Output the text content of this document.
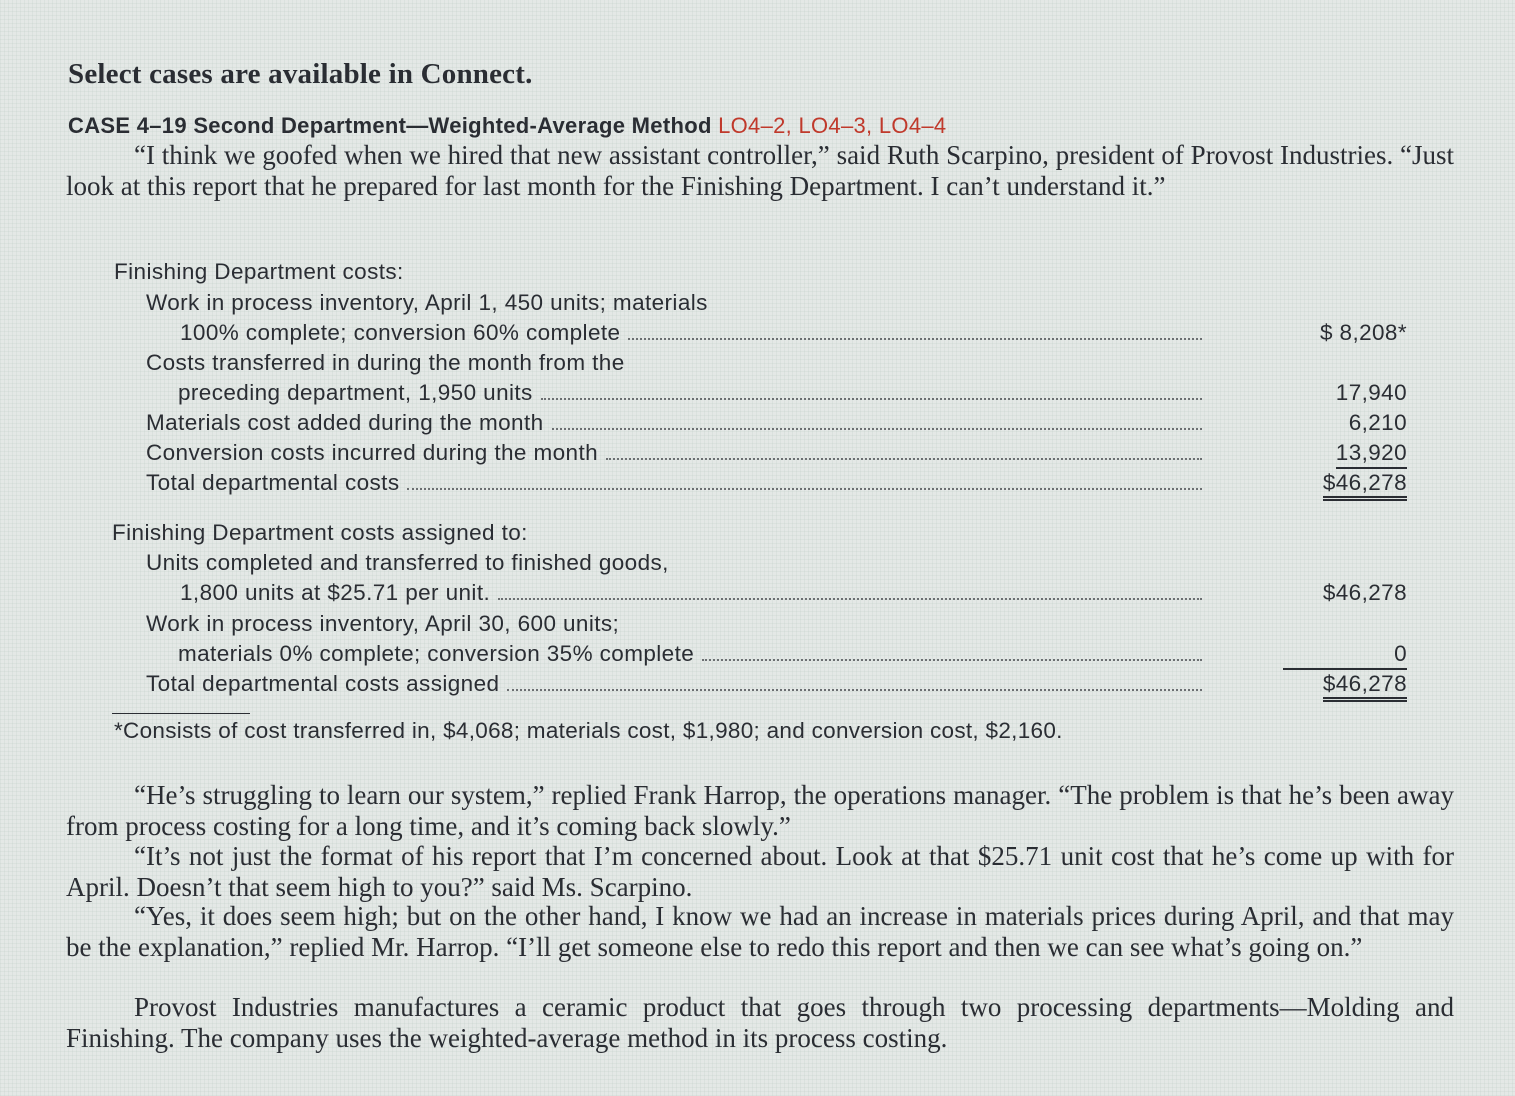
Select cases are available in Connect.
CASE 4–19 Second Department—Weighted-Average Method LO4–2, LO4–3, LO4–4

“I think we goofed when we hired that new assistant controller,” said Ruth Scarpino, president of Provost Industries. “Just look at this report that he prepared for last month for the Finishing Department. I can’t understand it.”

Finishing Department costs:
Work in process inventory, April 1, 450 units; materials
100% complete; conversion 60% complete	$ 8,208*
Costs transferred in during the month from the
preceding department, 1,950 units	17,940
Materials cost added during the month	6,210
Conversion costs incurred during the month	13,920
Total departmental costs	$46,278
Finishing Department costs assigned to:
Units completed and transferred to finished goods,
1,800 units at $25.71 per unit.	$46,278
Work in process inventory, April 30, 600 units;
materials 0% complete; conversion 35% complete	0
Total departmental costs assigned	$46,278
*Consists of cost transferred in, $4,068; materials cost, $1,980; and conversion cost, $2,160.

“He’s struggling to learn our system,” replied Frank Harrop, the operations manager. “The problem is that he’s been away from process costing for a long time, and it’s coming back slowly.”

“It’s not just the format of his report that I’m concerned about. Look at that $25.71 unit cost that he’s come up with for April. Doesn’t that seem high to you?” said Ms. Scarpino.

“Yes, it does seem high; but on the other hand, I know we had an increase in materials prices during April, and that may be the explanation,” replied Mr. Harrop. “I’ll get someone else to redo this report and then we can see what’s going on.”

Provost Industries manufactures a ceramic product that goes through two processing departments—Molding and Finishing. The company uses the weighted-average method in its process costing.
